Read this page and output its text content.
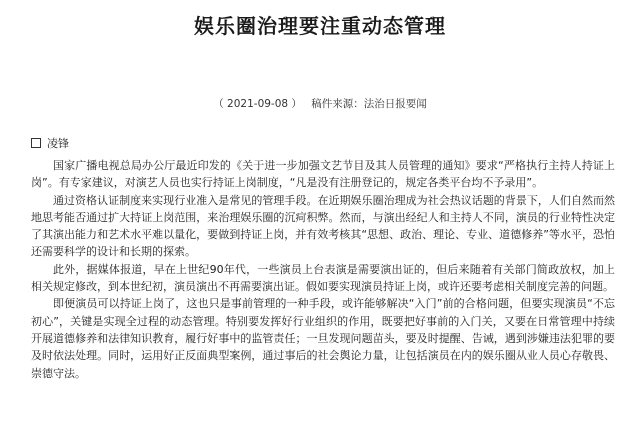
娱乐圈治理要注重动态管理
（ 2021-09-08 ） 稿件来源：法治日报要闻
凌锋

国家广播电视总局办公厅最近印发的《关于进一步加强文艺节目及其人员管理的通知》要求“严格执行主持人持证上岗”。有专家建议，对演艺人员也实行持证上岗制度，“凡是没有注册登记的，规定各类平台均不予录用”。

通过资格认证制度来实现行业准入是常见的管理手段。在近期娱乐圈治理成为社会热议话题的背景下，人们自然而然地思考能否通过扩大持证上岗范围，来治理娱乐圈的沉疴积弊。然而，与演出经纪人和主持人不同，演员的行业特性决定了其演出能力和艺术水平难以量化，要做到持证上岗，并有效考核其“思想、政治、理论、专业、道德修养”等水平，恐怕还需要科学的设计和长期的探索。

此外，据媒体报道，早在上世纪90年代，一些演员上台表演是需要演出证的，但后来随着有关部门简政放权，加上相关规定修改，到本世纪初，演员演出不再需要演出证。假如要实现演员持证上岗，或许还要考虑相关制度完善的问题。

即便演员可以持证上岗了，这也只是事前管理的一种手段，或许能够解决“入门”前的合格问题，但要实现演员“不忘初心”，关键是实现全过程的动态管理。特别要发挥好行业组织的作用，既要把好事前的入门关，又要在日常管理中持续开展道德修养和法律知识教育，履行好事中的监管责任；一旦发现问题苗头，要及时提醒、告诫，遇到涉嫌违法犯罪的要及时依法处理。同时，运用好正反面典型案例，通过事后的社会舆论力量，让包括演员在内的娱乐圈从业人员心存敬畏、崇德守法。
